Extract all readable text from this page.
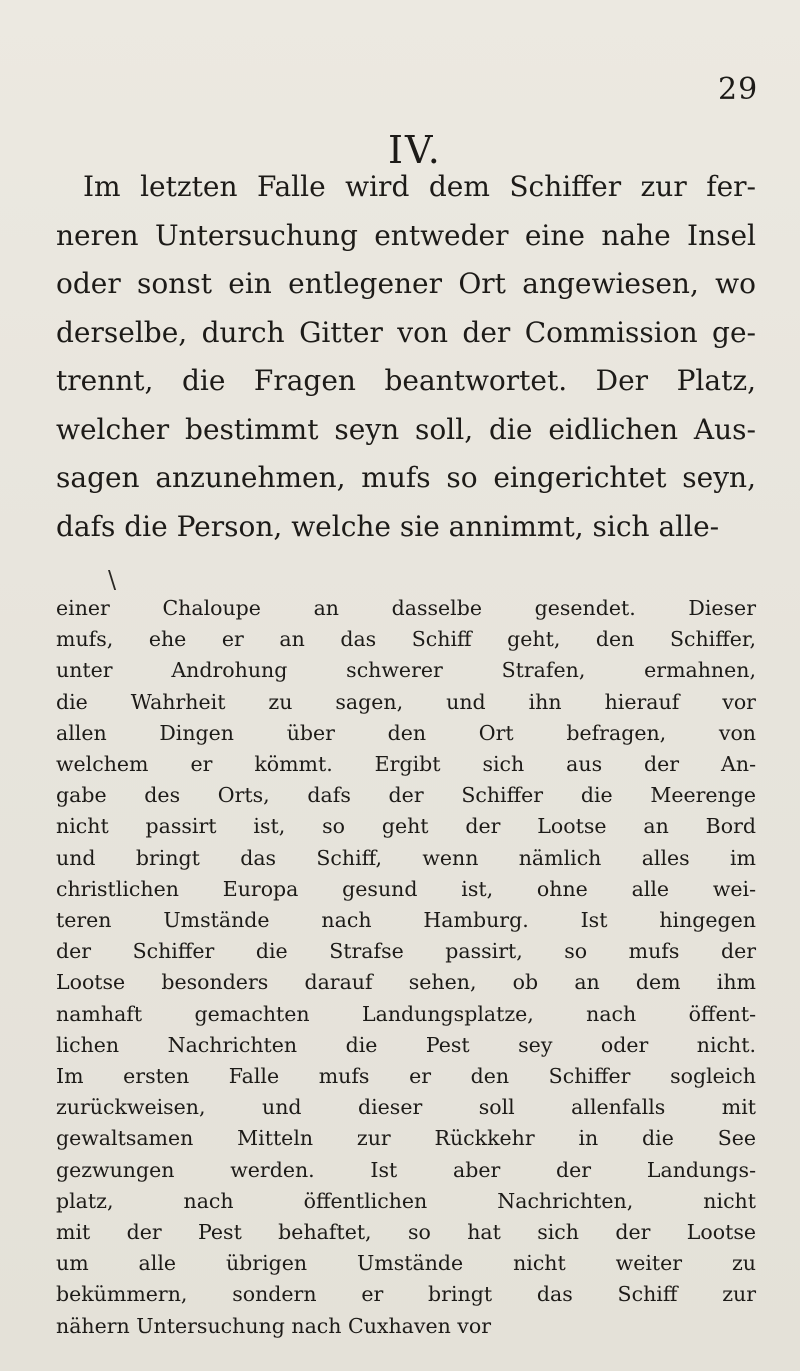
29
IV.
Im letzten Falle wird dem Schiffer zur fer-
neren Untersuchung entweder eine nahe Insel
oder sonst ein entlegener Ort angewiesen, wo
derselbe, durch Gitter von der Commission ge-
trennt, die Fragen beantwortet. Der Platz,
welcher bestimmt seyn soll, die eidlichen Aus-
sagen anzunehmen, mufs so eingerichtet seyn,
dafs die Person, welche sie annimmt, sich alle-
\
einer Chaloupe an dasselbe gesendet. Dieser
mufs, ehe er an das Schiff geht, den Schiffer,
unter Androhung schwerer Strafen, ermahnen,
die Wahrheit zu sagen, und ihn hierauf vor
allen Dingen über den Ort befragen, von
welchem er kömmt. Ergibt sich aus der An-
gabe des Orts, dafs der Schiffer die Meerenge
nicht passirt ist, so geht der Lootse an Bord
und bringt das Schiff, wenn nämlich alles im
christlichen Europa gesund ist, ohne alle wei-
teren Umstände nach Hamburg. Ist hingegen
der Schiffer die Strafse passirt, so mufs der
Lootse besonders darauf sehen, ob an dem ihm
namhaft gemachten Landungsplatze, nach öffent-
lichen Nachrichten die Pest sey oder nicht.
Im ersten Falle mufs er den Schiffer sogleich
zurückweisen, und dieser soll allenfalls mit
gewaltsamen Mitteln zur Rückkehr in die See
gezwungen werden. Ist aber der Landungs-
platz, nach öffentlichen Nachrichten, nicht
mit der Pest behaftet, so hat sich der Lootse
um alle übrigen Umstände nicht weiter zu
bekümmern, sondern er bringt das Schiff zur
nähern Untersuchung nach Cuxhaven vor
